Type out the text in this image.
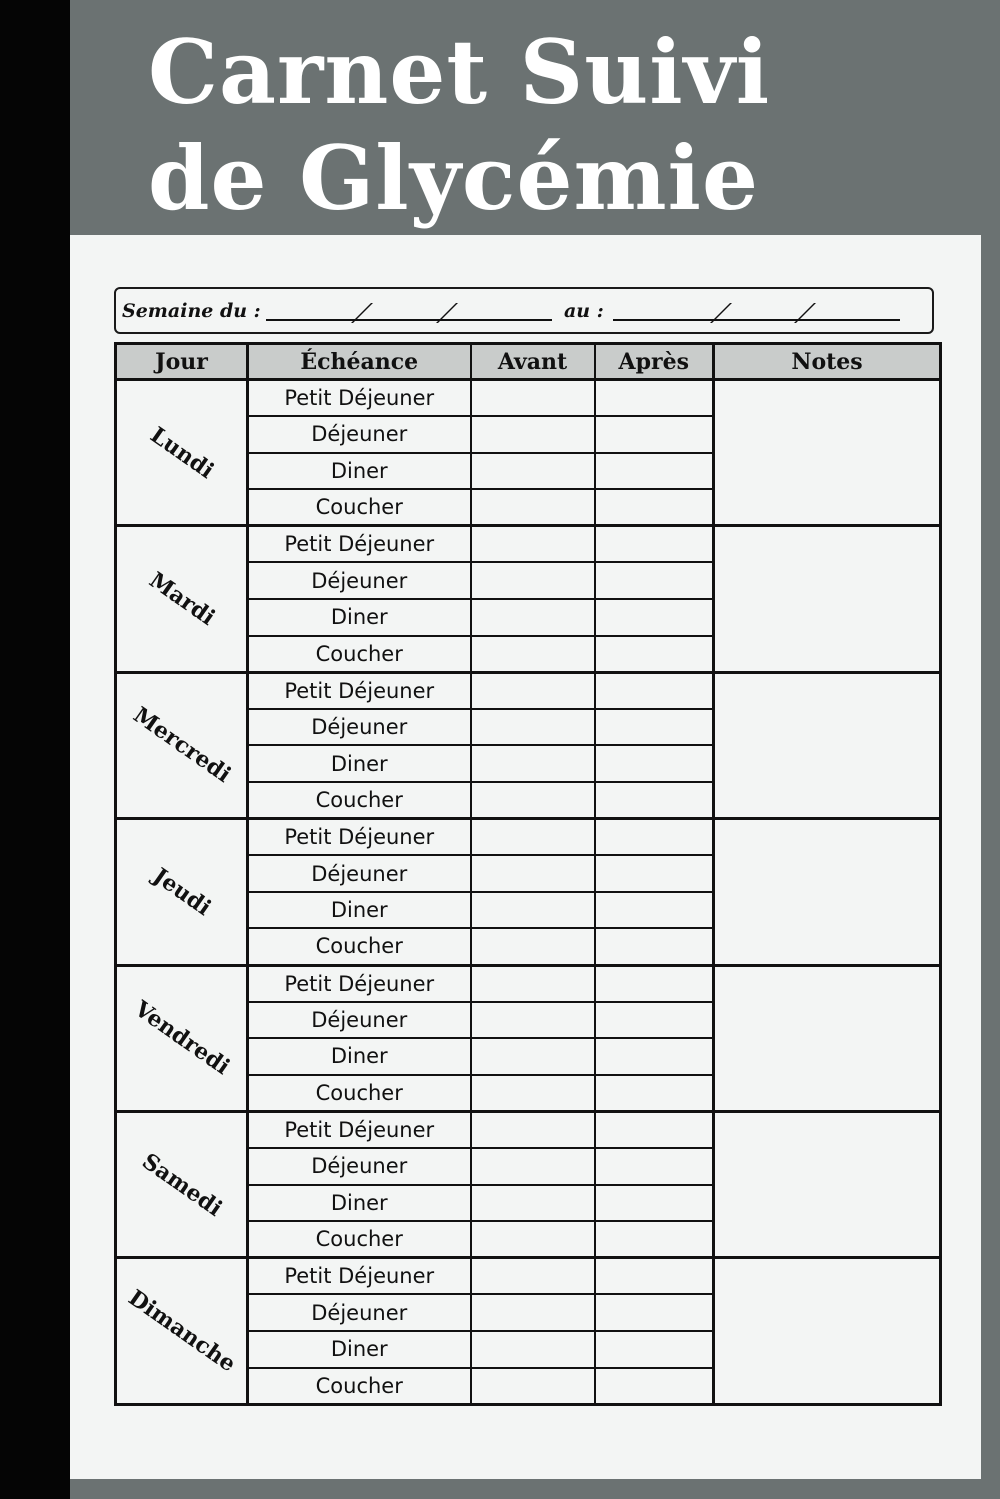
Carnet Suivi
de Glycémie
Semaine du :	au :
Jour	Échéance	Avant	Après	Notes

Lundi	Petit Déjeuner			
	Déjeuner			
	Diner			
	Coucher			

Mardi	Petit Déjeuner			
	Déjeuner			
	Diner			
	Coucher			

Mercredi	Petit Déjeuner			
	Déjeuner			
	Diner			
	Coucher			

Jeudi	Petit Déjeuner			
	Déjeuner			
	Diner			
	Coucher			

Vendredi	Petit Déjeuner			
	Déjeuner			
	Diner			
	Coucher			

Samedi	Petit Déjeuner			
	Déjeuner			
	Diner			
	Coucher			

Dimanche	Petit Déjeuner			
	Déjeuner			
	Diner			
	Coucher			
